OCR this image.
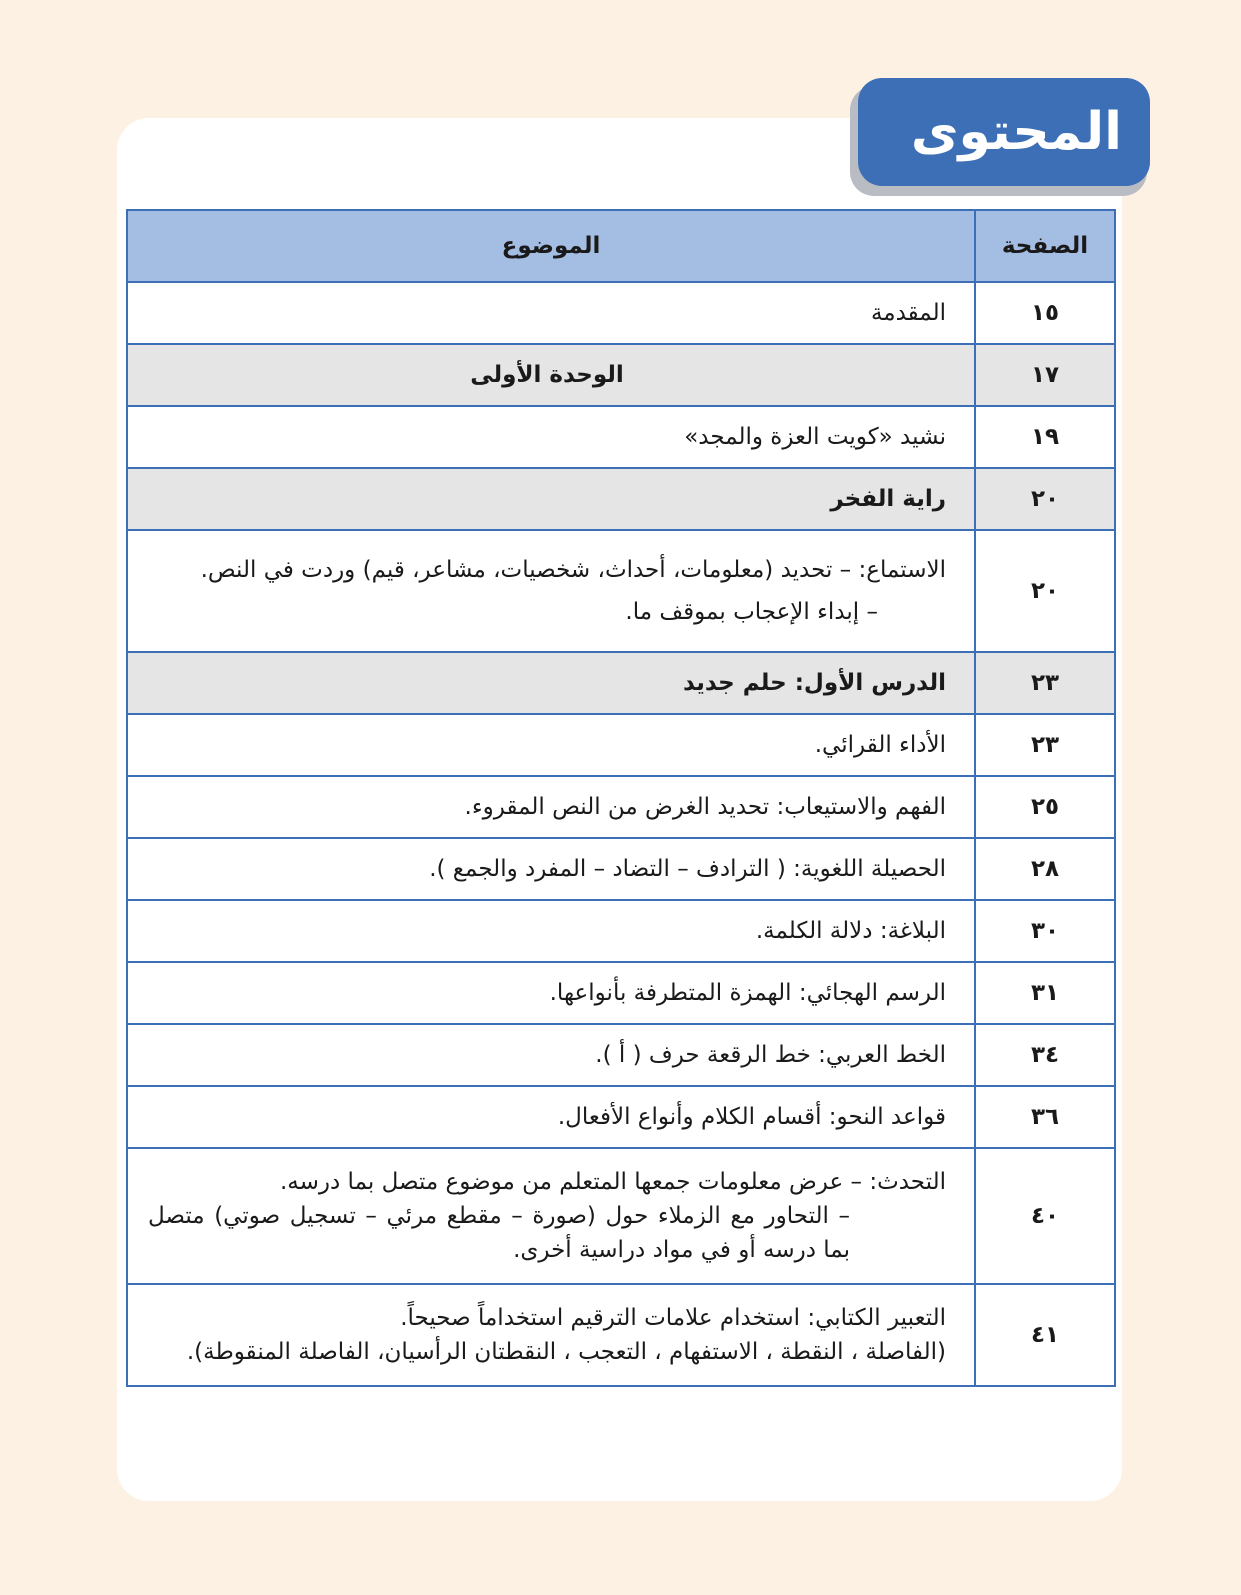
المحتوى
الصفحة	الموضوع
١٥	المقدمة
١٧	الوحدة الأولى
١٩	نشيد «كويت العزة والمجد»
٢٠	راية الفخر
٢٠	الاستماع: – تحديد (معلومات، أحداث، شخصيات، مشاعر، قيم) وردت في النص.
– إبداء الإعجاب بموقف ما.

٢٣	الدرس الأول: حلم جديد
٢٣	الأداء القرائي.
٢٥	الفهم والاستيعاب: تحديد الغرض من النص المقروء.
٢٨	الحصيلة اللغوية: ( الترادف – التضاد – المفرد والجمع ).
٣٠	البلاغة: دلالة الكلمة.
٣١	الرسم الهجائي: الهمزة المتطرفة بأنواعها.
٣٤	الخط العربي: خط الرقعة حرف ( أ ).
٣٦	قواعد النحو: أقسام الكلام وأنواع الأفعال.
٤٠	التحدث: – عرض معلومات جمعها المتعلم من موضوع متصل بما درسه.
– التحاور مع الزملاء حول (صورة – مقطع مرئي – تسجيل صوتي) متصل بما درسه أو في مواد دراسية أخرى.

٤١	التعبير الكتابي: استخدام علامات الترقيم استخداماً صحيحاً.
(الفاصلة ، النقطة ، الاستفهام ، التعجب ، النقطتان الرأسيان، الفاصلة المنقوطة).
